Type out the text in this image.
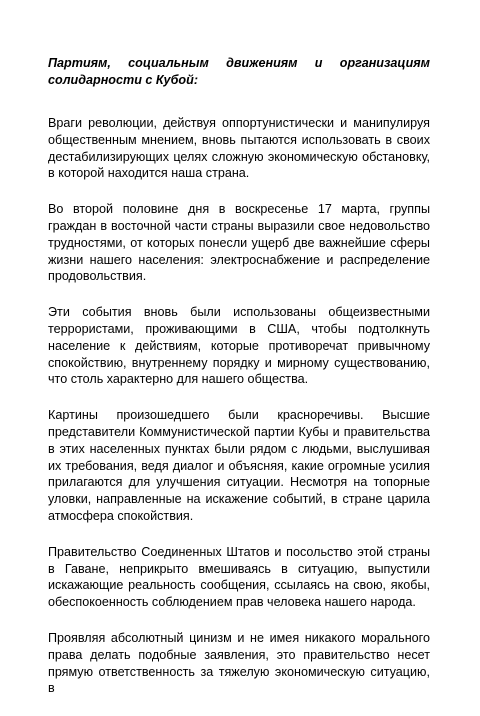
Партиям, социальным движениям и организациям солидарности с Кубой:

Враги революции, действуя оппортунистически и манипулируя общественным мнением, вновь пытаются использовать в своих дестабилизирующих целях сложную экономическую обстановку, в которой находится наша страна.

Во второй половине дня в воскресенье 17 марта, группы граждан в восточной части страны выразили свое недовольство трудностями, от которых понесли ущерб две важнейшие сферы жизни нашего населения: электроснабжение и распределение продовольствия.

Эти события вновь были использованы общеизвестными террористами, проживающими в США, чтобы подтолкнуть население к действиям, которые противоречат привычному спокойствию, внутреннему порядку и мирному существованию, что столь характерно для нашего общества.

Картины произошедшего были красноречивы. Высшие представители Коммунистической партии Кубы и правительства в этих населенных пунктах были рядом с людьми, выслушивая их требования, ведя диалог и объясняя, какие огромные усилия прилагаются для улучшения ситуации. Несмотря на топорные уловки, направленные на искажение событий, в стране царила атмосфера спокойствия.

Правительство Соединенных Штатов и посольство этой страны в Гаване, неприкрыто вмешиваясь в ситуацию, выпустили искажающие реальность сообщения, ссылаясь на свою, якобы, обеспокоенность соблюдением прав человека нашего народа.

Проявляя абсолютный цинизм и не имея никакого морального права делать подобные заявления, это правительство несет прямую ответственность за тяжелую экономическую ситуацию, в
